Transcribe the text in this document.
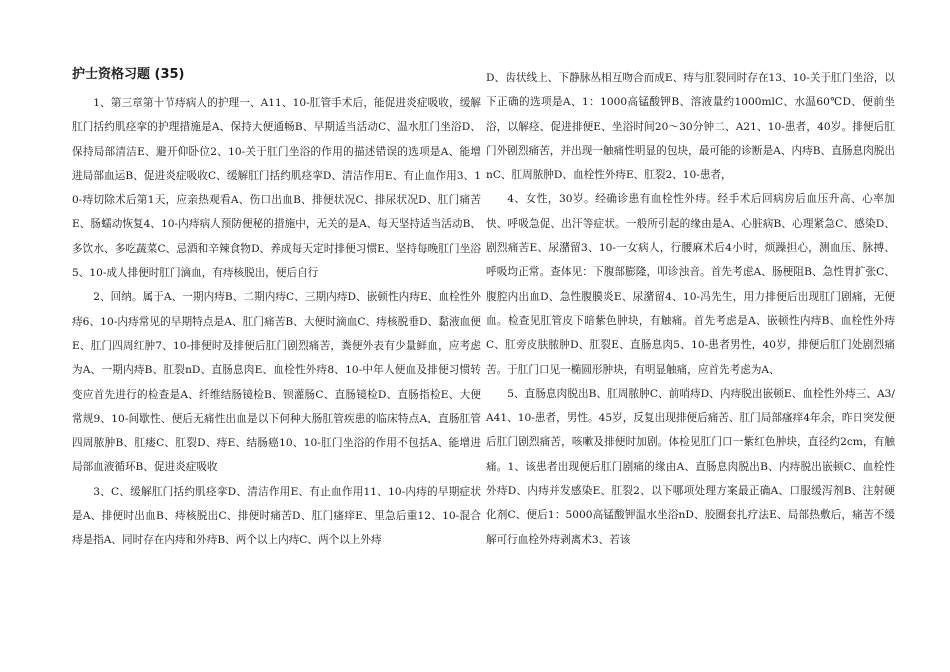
护士资格习题 (35)

1、第三章第十节痔病人的护理一、A11、10-肛管手术后，能促进炎症吸收，缓解肛门括约肌痉挛的护理措施是A、保持大便通畅B、早期适当活动C、温水肛门坐浴D、保持局部清洁E、避开仰卧位2、10-关于肛门坐浴的作用的描述错误的选项是A、能增进局部血运B、促进炎症吸收C、缓解肛门括约肌痉挛D、清洁作用E、有止血作用3、10-痔切除术后第1天，应亲热观看A、伤口出血B、排便状况C、排尿状况D、肛门痛苦E、肠蠕动恢复4、10-内痔病人预防便秘的措施中，无关的是A、每天坚持适当活动B、多饮水、多吃蔬菜C、忌酒和辛辣食物D、养成每天定时排便习惯E、坚持每晚肛门坐浴5、10-成人排便时肛门滴血，有痔核脱出，便后自行

2、回纳。属于A、一期内痔B、二期内痔C、三期内痔D、嵌顿性内痔E、血栓性外痔6、10-内痔常见的早期特点是A、肛门痛苦B、大便时滴血C、痔核脱垂D、黏液血便E、肛门四周红肿7、10-排便时及排便后肛门剧烈痛苦，粪便外表有少量鲜血，应考虑为A、一期内痔B、肛裂nD、直肠息肉E、血栓性外痔8、10-中年人便血及排便习惯转变应首先进行的检查是A、纤维结肠镜检B、钡灌肠C、直肠镜检D、直肠指检E、大便常规9、10-间歇性、便后无痛性出血是以下何种大肠肛管疾患的临床特点A、直肠肛管四周脓肿B、肛瘘C、肛裂D、痔E、结肠癌10、10-肛门坐浴的作用不包括A、能增进局部血液循环B、促进炎症吸收

3、C、缓解肛门括约肌痉挛D、清洁作用E、有止血作用11、10-内痔的早期症状是A、排便时出血B、痔核脱出C、排便时痛苦D、肛门瘙痒E、里急后重12、10-混合痔是指A、同时存在内痔和外痔B、两个以上内痔C、两个以上外痔

D、齿状线上、下静脉丛相互吻合而成E、痔与肛裂同时存在13、10-关于肛门坐浴，以下正确的选项是A、1：1000高锰酸钾B、溶液量约1000mlC、水温60℃D、便前坐浴，以解痉、促进排便E、坐浴时间20～30分钟二、A21、10-患者，40岁。排便后肛门外剧烈痛苦，并出现一触痛性明显的包块，最可能的诊断是A、内痔B、直肠息肉脱出nC、肛周脓肿D、血栓性外痔E、肛裂2、10-患者，

4、女性，30岁。经确诊患有血栓性外痔。经手术后回病房后血压升高、心率加快、呼吸急促、出汗等症状。一般所引起的缘由是A、心脏病B、心理紧急C、感染D、剧烈痛苦E、尿潴留3、10-一女病人，行腰麻术后4小时，烦躁担心，测血压、脉搏、呼吸均正常。查体见：下腹部膨隆，叩诊浊音。首先考虑A、肠梗阻B、急性胃扩张C、腹腔内出血D、急性腹膜炎E、尿潴留4、10-冯先生，用力排便后出现肛门剧痛，无便血。检查见肛管皮下暗紫色肿块，有触痛。首先考虑是A、嵌顿性内痔B、血栓性外痔C、肛旁皮肤脓肿D、肛裂E、直肠息肉5、10-患者男性，40岁，排便后肛门处剧烈痛苦。于肛门口见一椭圆形肿块，有明显触痛，应首先考虑为A、

5、直肠息肉脱出B、肛周脓肿C、前哨痔D、内痔脱出嵌顿E、血栓性外痔三、A3/A41、10-患者，男性。45岁，反复出现排便后痛苦、肛门局部瘙痒4年余，昨日突发便后肛门剧烈痛苦，咳嗽及排便时加剧。体检见肛门口一紫红色肿块，直径约2cm，有触痛。1、该患者出现便后肛门剧痛的缘由A、直肠息肉脱出B、内痔脱出嵌顿C、血栓性外痔D、内痔并发感染E、肛裂2、以下哪项处理方案最正确A、口服缓泻剂B、注射硬化剂C、便后1：5000高锰酸钾温水坐浴nD、胶圈套扎疗法E、局部热敷后，痛苦不缓解可行血栓外痔剥离术3、若该
